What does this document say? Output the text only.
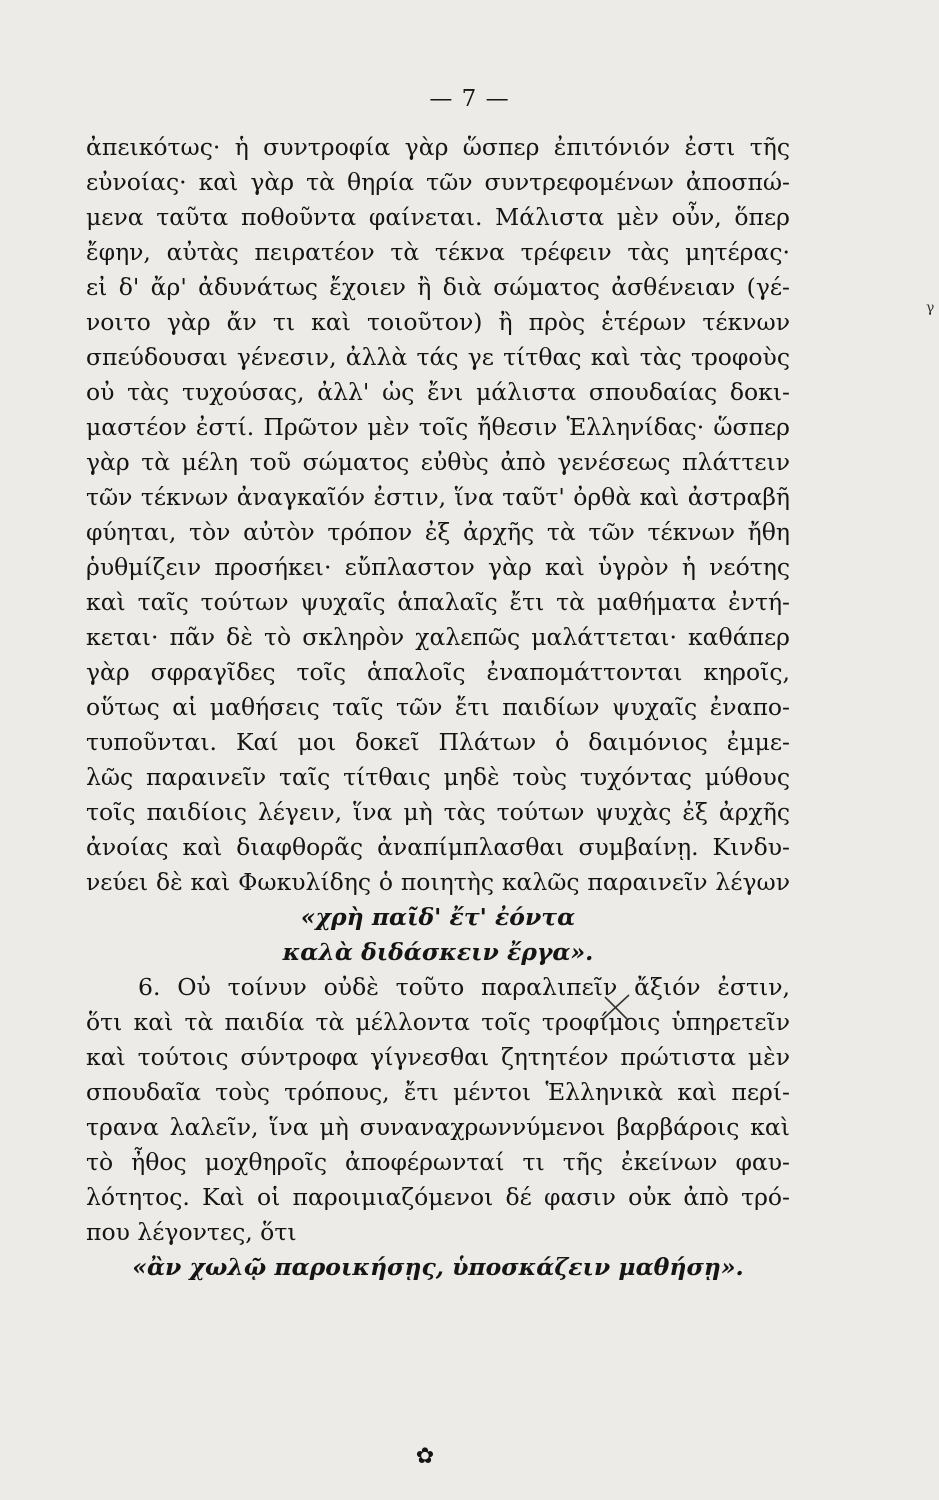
— 7 —
ἀπεικότως· ἡ συντροφία γὰρ ὥσπερ ἐπιτόνιόν ἐστι τῆς
εὐνοίας· καὶ γὰρ τὰ θηρία τῶν συντρεφομένων ἀποσπώ-
μενα ταῦτα ποθοῦντα φαίνεται. Μάλιστα μὲν οὖν, ὅπερ
ἔφην, αὐτὰς πειρατέον τὰ τέκνα τρέφειν τὰς μητέρας·
εἰ δ' ἄρ' ἀδυνάτως ἔχοιεν ἢ διὰ σώματος ἀσθένειαν (γέ-
νοιτο γὰρ ἄν τι καὶ τοιοῦτον) ἢ πρὸς ἑτέρων τέκνων
σπεύδουσαι γένεσιν, ἀλλὰ τάς γε τίτθας καὶ τὰς τροφοὺς
οὐ τὰς τυχούσας, ἀλλ' ὡς ἔνι μάλιστα σπουδαίας δοκι-
μαστέον ἐστί. Πρῶτον μὲν τοῖς ἤθεσιν Ἑλληνίδας· ὥσπερ
γὰρ τὰ μέλη τοῦ σώματος εὐθὺς ἀπὸ γενέσεως πλάττειν
τῶν τέκνων ἀναγκαῖόν ἐστιν, ἵνα ταῦτ' ὀρθὰ καὶ ἀστραβῆ
φύηται, τὸν αὐτὸν τρόπον ἐξ ἀρχῆς τὰ τῶν τέκνων ἤθη
ῥυθμίζειν προσήκει· εὔπλαστον γὰρ καὶ ὑγρὸν ἡ νεότης
καὶ ταῖς τούτων ψυχαῖς ἁπαλαῖς ἔτι τὰ μαθήματα ἐντή-
κεται· πᾶν δὲ τὸ σκληρὸν χαλεπῶς μαλάττεται· καθάπερ
γὰρ σφραγῖδες τοῖς ἁπαλοῖς ἐναπομάττονται κηροῖς,
οὕτως αἱ μαθήσεις ταῖς τῶν ἔτι παιδίων ψυχαῖς ἐναπο-
τυποῦνται. Καί μοι δοκεῖ Πλάτων ὁ δαιμόνιος ἐμμε-
λῶς παραινεῖν ταῖς τίτθαις μηδὲ τοὺς τυχόντας μύθους
τοῖς παιδίοις λέγειν, ἵνα μὴ τὰς τούτων ψυχὰς ἐξ ἀρχῆς
ἀνοίας καὶ διαφθορᾶς ἀναπίμπλασθαι συμβαίνῃ. Κινδυ-
νεύει δὲ καὶ Φωκυλίδης ὁ ποιητὴς καλῶς παραινεῖν λέγων
«χρὴ παῖδ' ἔτ' ἐόντα
καλὰ διδάσκειν ἔργα».
6. Οὐ τοίνυν οὐδὲ τοῦτο παραλιπεῖν ἄξιόν ἐστιν,
ὅτι καὶ τὰ παιδία τὰ μέλλοντα τοῖς τροφίμοις ὑπηρετεῖν
καὶ τούτοις σύντροφα γίγνεσθαι ζητητέον πρώτιστα μὲν
σπουδαῖα τοὺς τρόπους, ἔτι μέντοι Ἑλληνικὰ καὶ περί-
τρανα λαλεῖν, ἵνα μὴ συναναχρωννύμενοι βαρβάροις καὶ
τὸ ἦθος μοχθηροῖς ἀποφέρωνταί τι τῆς ἐκείνων φαυ-
λότητος. Καὶ οἱ παροιμιαζόμενοι δέ φασιν οὐκ ἀπὸ τρό-
που λέγοντες, ὅτι
«ἂν χωλῷ παροικήσῃς, ὑποσκάζειν μαθήσῃ».
γ
✿
